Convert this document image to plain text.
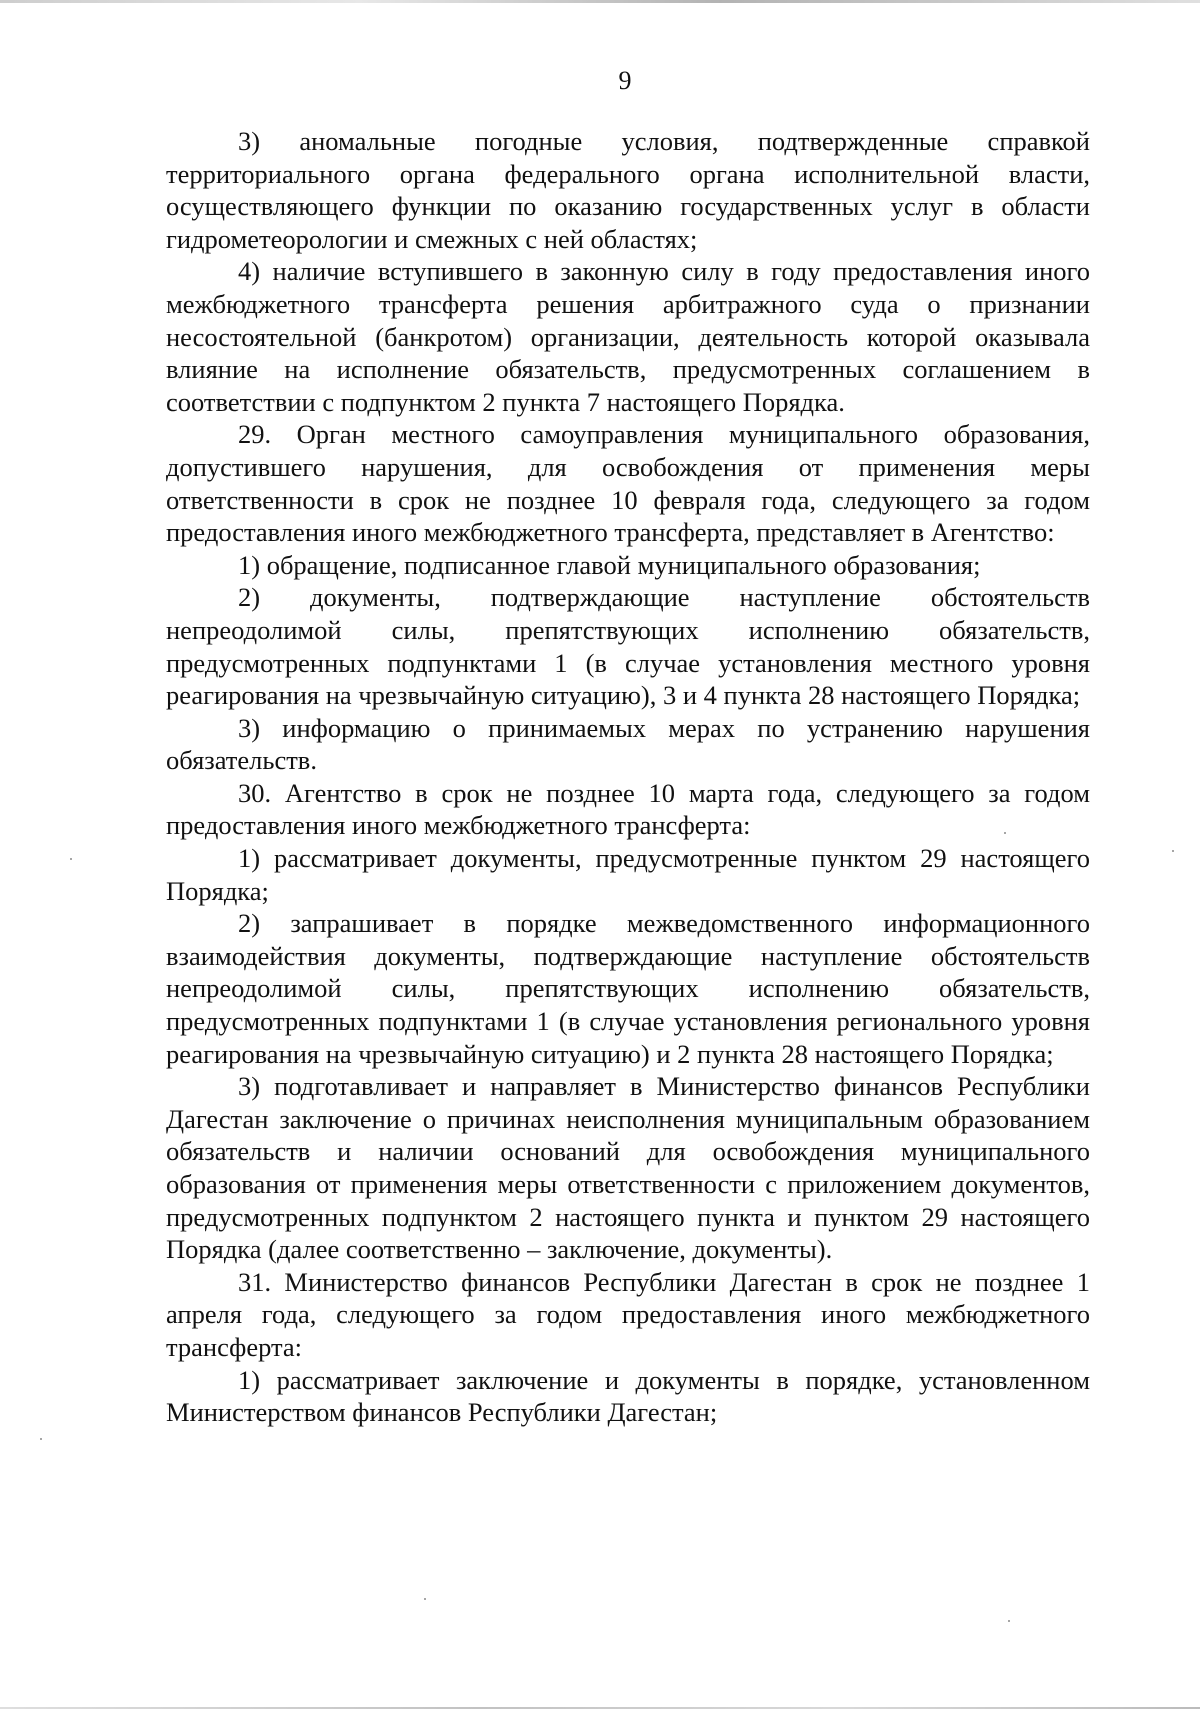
9

3) аномальные погодные условия, подтвержденные справкой территориального органа федерального органа исполнительной власти, осуществляющего функции по оказанию государственных услуг в области гидрометеорологии и смежных с ней областях;

4) наличие вступившего в законную силу в году предоставления иного межбюджетного трансферта решения арбитражного суда о признании несостоятельной (банкротом) организации, деятельность которой оказывала влияние на исполнение обязательств, предусмотренных соглашением в соответствии с подпунктом 2 пункта 7 настоящего Порядка.

29. Орган местного самоуправления муниципального образования, допустившего нарушения, для освобождения от применения меры ответственности в срок не позднее 10 февраля года, следующего за годом предоставления иного межбюджетного трансферта, представляет в Агентство:

1) обращение, подписанное главой муниципального образования;

2) документы, подтверждающие наступление обстоятельств непреодолимой силы, препятствующих исполнению обязательств, предусмотренных подпунктами 1 (в случае установления местного уровня реагирования на чрезвычайную ситуацию), 3 и 4 пункта 28 настоящего Порядка;

3) информацию о принимаемых мерах по устранению нарушения обязательств.

30. Агентство в срок не позднее 10 марта года, следующего за годом предоставления иного межбюджетного трансферта:

1) рассматривает документы, предусмотренные пунктом 29 настоящего Порядка;

2) запрашивает в порядке межведомственного информационного взаимодействия документы, подтверждающие наступление обстоятельств непреодолимой силы, препятствующих исполнению обязательств, предусмотренных подпунктами 1 (в случае установления регионального уровня реагирования на чрезвычайную ситуацию) и 2 пункта 28 настоящего Порядка;

3) подготавливает и направляет в Министерство финансов Республики Дагестан заключение о причинах неисполнения муниципальным образованием обязательств и наличии оснований для освобождения муниципального образования от применения меры ответственности с приложением документов, предусмотренных подпунктом 2 настоящего пункта и пунктом 29 настоящего Порядка (далее соответственно – заключение, документы).

31. Министерство финансов Республики Дагестан в срок не позднее 1 апреля года, следующего за годом предоставления иного межбюджетного трансферта:

1) рассматривает заключение и документы в порядке, установленном Министерством финансов Республики Дагестан;
